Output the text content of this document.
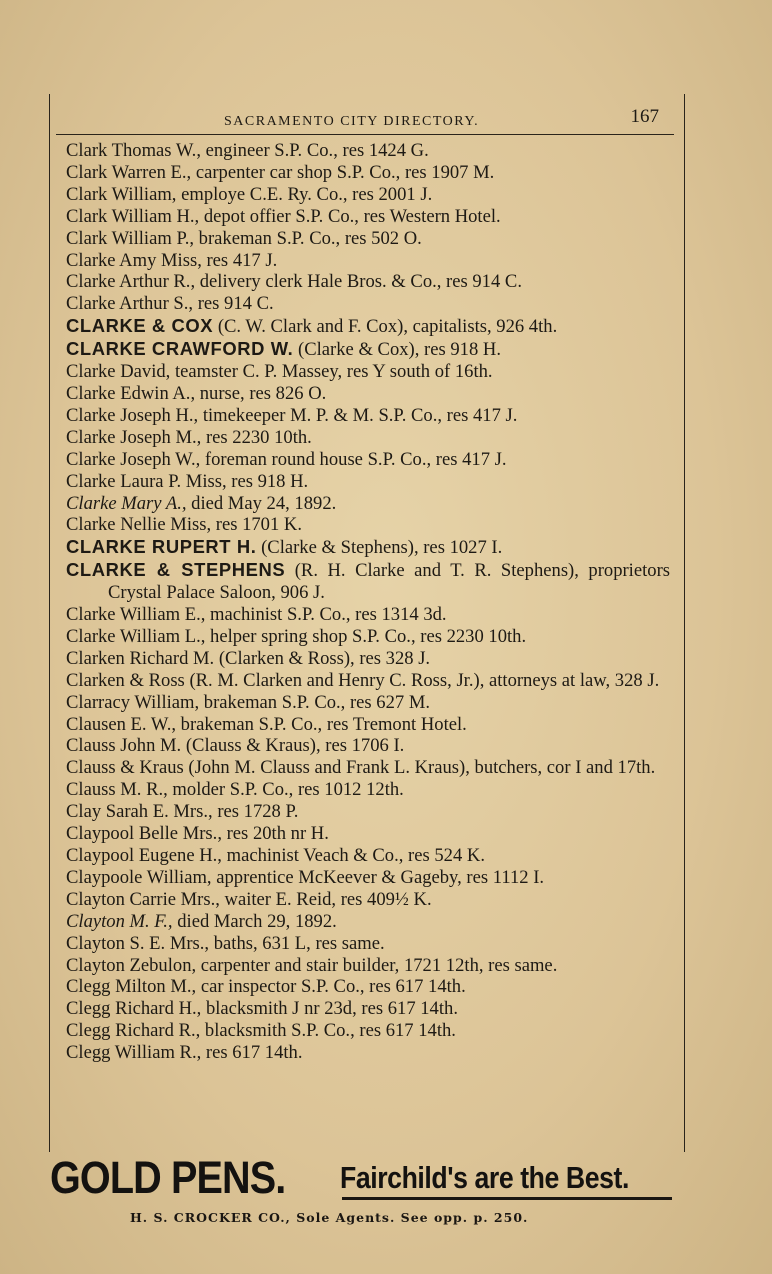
SACRAMENTO CITY DIRECTORY.	167
Clark Thomas W., engineer S.P. Co., res 1424 G.
Clark Warren E., carpenter car shop S.P. Co., res 1907 M.
Clark William, employe C.E. Ry. Co., res 2001 J.
Clark William H., depot offier S.P. Co., res Western Hotel.
Clark William P., brakeman S.P. Co., res 502 O.
Clarke Amy Miss, res 417 J.
Clarke Arthur R., delivery clerk Hale Bros. & Co., res 914 C.
Clarke Arthur S., res 914 C.
CLARKE & COX (C. W. Clark and F. Cox), capitalists, 926 4th.
CLARKE CRAWFORD W. (Clarke & Cox), res 918 H.
Clarke David, teamster C. P. Massey, res Y south of 16th.
Clarke Edwin A., nurse, res 826 O.
Clarke Joseph H., timekeeper M. P. & M. S.P. Co., res 417 J.
Clarke Joseph M., res 2230 10th.
Clarke Joseph W., foreman round house S.P. Co., res 417 J.
Clarke Laura P. Miss, res 918 H.
Clarke Mary A., died May 24, 1892.
Clarke Nellie Miss, res 1701 K.
CLARKE RUPERT H. (Clarke & Stephens), res 1027 I.
CLARKE & STEPHENS (R. H. Clarke and T. R. Stephens), proprietors Crystal Palace Saloon, 906 J.
Clarke William E., machinist S.P. Co., res 1314 3d.
Clarke William L., helper spring shop S.P. Co., res 2230 10th.
Clarken Richard M. (Clarken & Ross), res 328 J.
Clarken & Ross (R. M. Clarken and Henry C. Ross, Jr.), attorneys at law, 328 J.
Clarracy William, brakeman S.P. Co., res 627 M.
Clausen E. W., brakeman S.P. Co., res Tremont Hotel.
Clauss John M. (Clauss & Kraus), res 1706 I.
Clauss & Kraus (John M. Clauss and Frank L. Kraus), butchers, cor I and 17th.
Clauss M. R., molder S.P. Co., res 1012 12th.
Clay Sarah E. Mrs., res 1728 P.
Claypool Belle Mrs., res 20th nr H.
Claypool Eugene H., machinist Veach & Co., res 524 K.
Claypoole William, apprentice McKeever & Gageby, res 1112 I.
Clayton Carrie Mrs., waiter E. Reid, res 409½ K.
Clayton M. F., died March 29, 1892.
Clayton S. E. Mrs., baths, 631 L, res same.
Clayton Zebulon, carpenter and stair builder, 1721 12th, res same.
Clegg Milton M., car inspector S.P. Co., res 617 14th.
Clegg Richard H., blacksmith J nr 23d, res 617 14th.
Clegg Richard R., blacksmith S.P. Co., res 617 14th.
Clegg William R., res 617 14th.
GOLD PENS. Fairchild's are the Best.
H. S. CROCKER CO., Sole Agents. See opp. p. 250.
